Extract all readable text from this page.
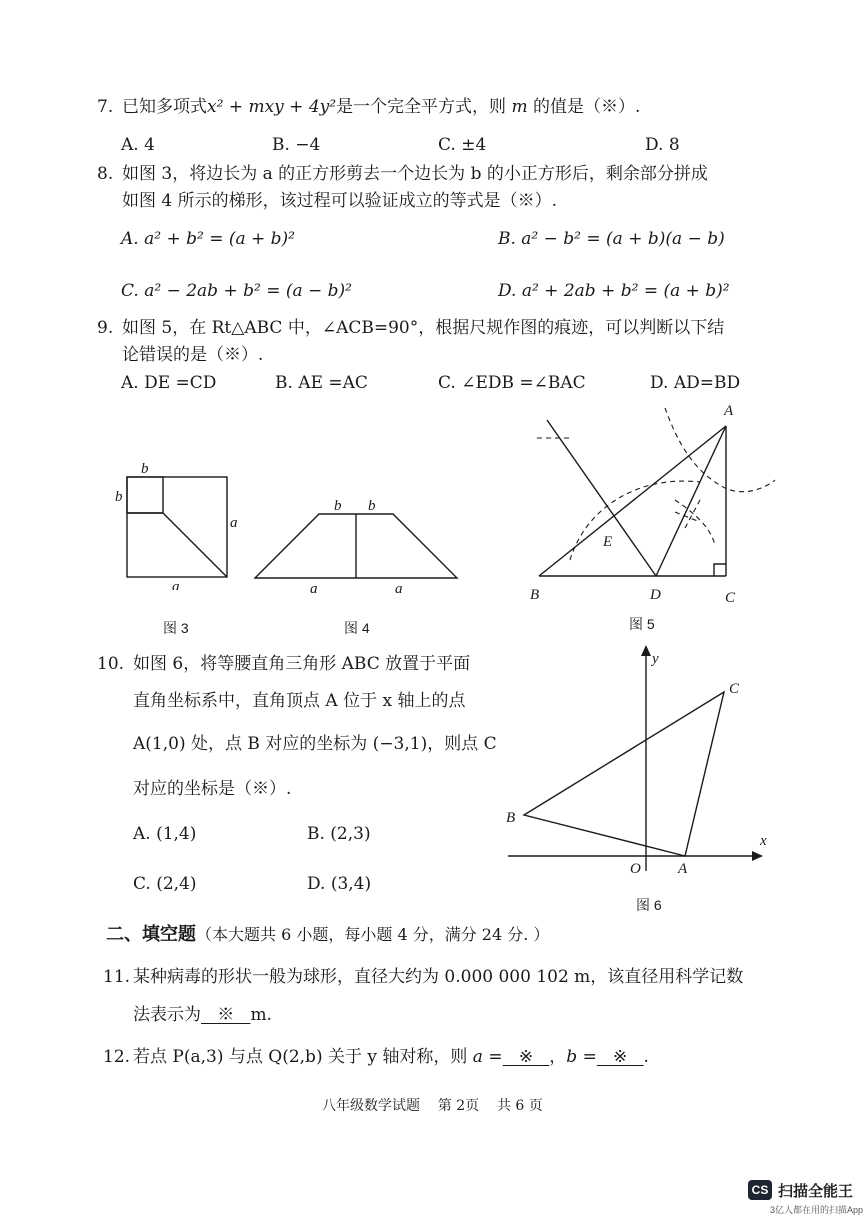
7. 已知多项式x² + mxy + 4y²是一个完全平方式，则 m 的值是（※）.
A. 4	B. −4	C. ±4	D. 8
8. 如图 3，将边长为 a 的正方形剪去一个边长为 b 的小正方形后，剩余部分拼成
如图 4 所示的梯形，该过程可以验证成立的等式是（※）.
A. a² + b² = (a + b)²	B. a² − b² = (a + b)(a − b)
C. a² − 2ab + b² = (a − b)²	D. a² + 2ab + b² = (a + b)²
9. 如图 5，在 Rt△ABC 中，∠ACB=90°，根据尺规作图的痕迹，可以判断以下结
论错误的是（※）.
A. DE =CD	B. AE =AC	C. ∠EDB =∠BAC	D. AD=BD
b
b
a
a
图 3
b b
a	a
图 4
A
B	D	C
E
图 5
10. 如图 6，将等腰直角三角形 ABC 放置于平面
直角坐标系中，直角顶点 A 位于 x 轴上的点
A(1,0) 处，点 B 对应的坐标为 (−3,1)，则点 C
对应的坐标是（※）.
A. (1,4)	B. (2,3)
C. (2,4)	D. (3,4)
y
x
O A
B
C
图 6
二、填空题（本大题共 6 小题，每小题 4 分，满分 24 分. ）
11. 某种病毒的形状一般为球形，直径大约为 0.000 000 102 m，该直径用科学记数
法表示为 ※ m.
12. 若点 P(a,3) 与点 Q(2,b) 关于 y 轴对称，则 a = ※ ，b = ※ .
八年级数学试题    第 2页    共 6 页
CS 扫描全能王
3亿人都在用的扫描App
